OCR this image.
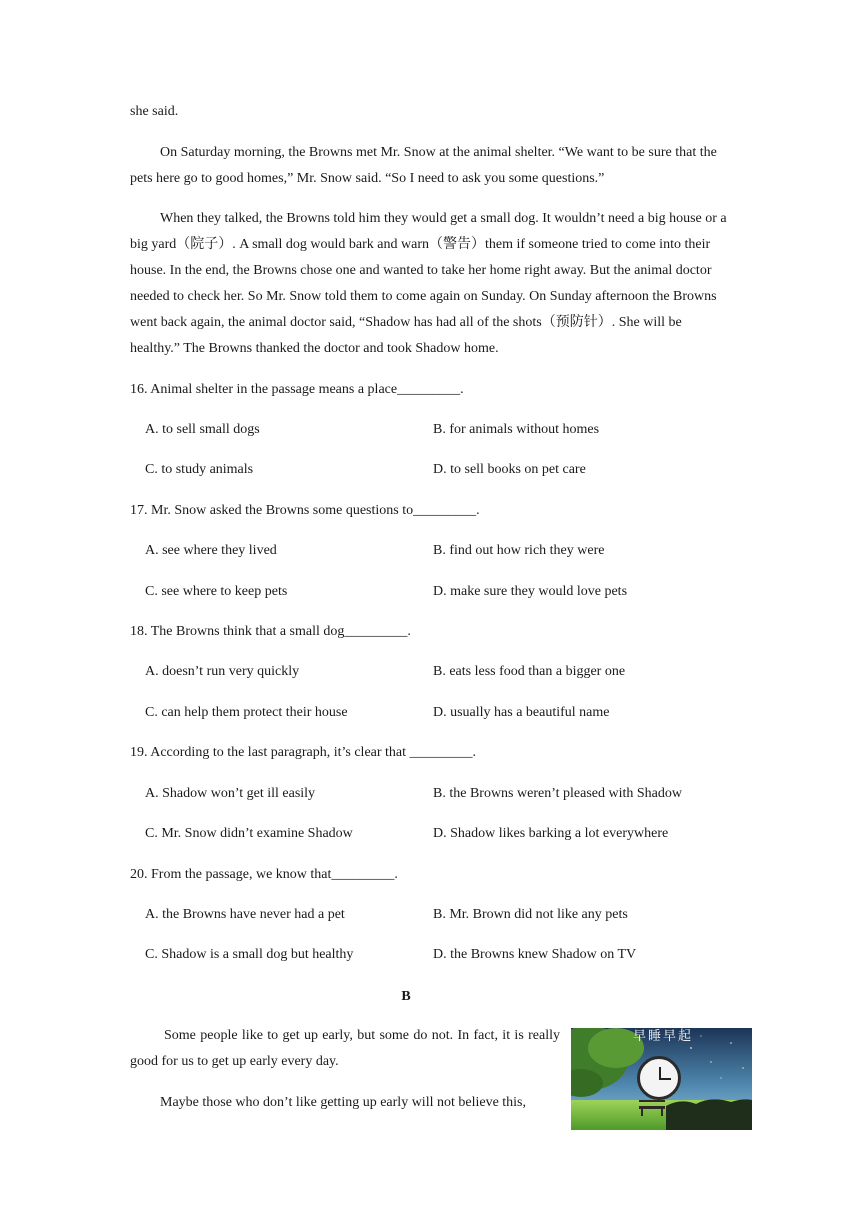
she said.

On Saturday morning, the Browns met Mr. Snow at the animal shelter. “We want to be sure that the pets here go to good homes,” Mr. Snow said. “So I need to ask you some questions.”

When they talked, the Browns told him they would get a small dog. It wouldn’t need a big house or a big yard（院子）. A small dog would bark and warn（警告）them if someone tried to come into their house. In the end, the Browns chose one and wanted to take her home right away. But the animal doctor needed to check her. So Mr. Snow told them to come again on Sunday. On Sunday afternoon the Browns went back again, the animal doctor said, “Shadow has had all of the shots（预防针）. She will be healthy.” The Browns thanked the doctor and took Shadow home.

16. Animal shelter in the passage means a place_________.

A. to sell small dogs	B. for animals without homes

C. to study animals	D. to sell books on pet care

17. Mr. Snow asked the Browns some questions to_________.

A. see where they lived	B. find out how rich they were

C. see where to keep pets	D. make sure they would love pets

18. The Browns think that a small dog_________.

A. doesn’t run very quickly	B. eats less food than a bigger one

C. can help them protect their house	D. usually has a beautiful name

19. According to the last paragraph, it’s clear that _________.

A. Shadow won’t get ill easily	B. the Browns weren’t pleased with Shadow

C. Mr. Snow didn’t examine Shadow	D. Shadow likes barking a lot everywhere

20. From the passage, we know that_________.

A. the Browns have never had a pet	B. Mr. Brown did not like any pets

C. Shadow is a small dog but healthy	D. the Browns knew Shadow on TV

B

Some people like to get up early, but some do not. In fact, it is really good for us to get up early every day.

Maybe those who don’t like getting up early will not believe this,

早睡早起
